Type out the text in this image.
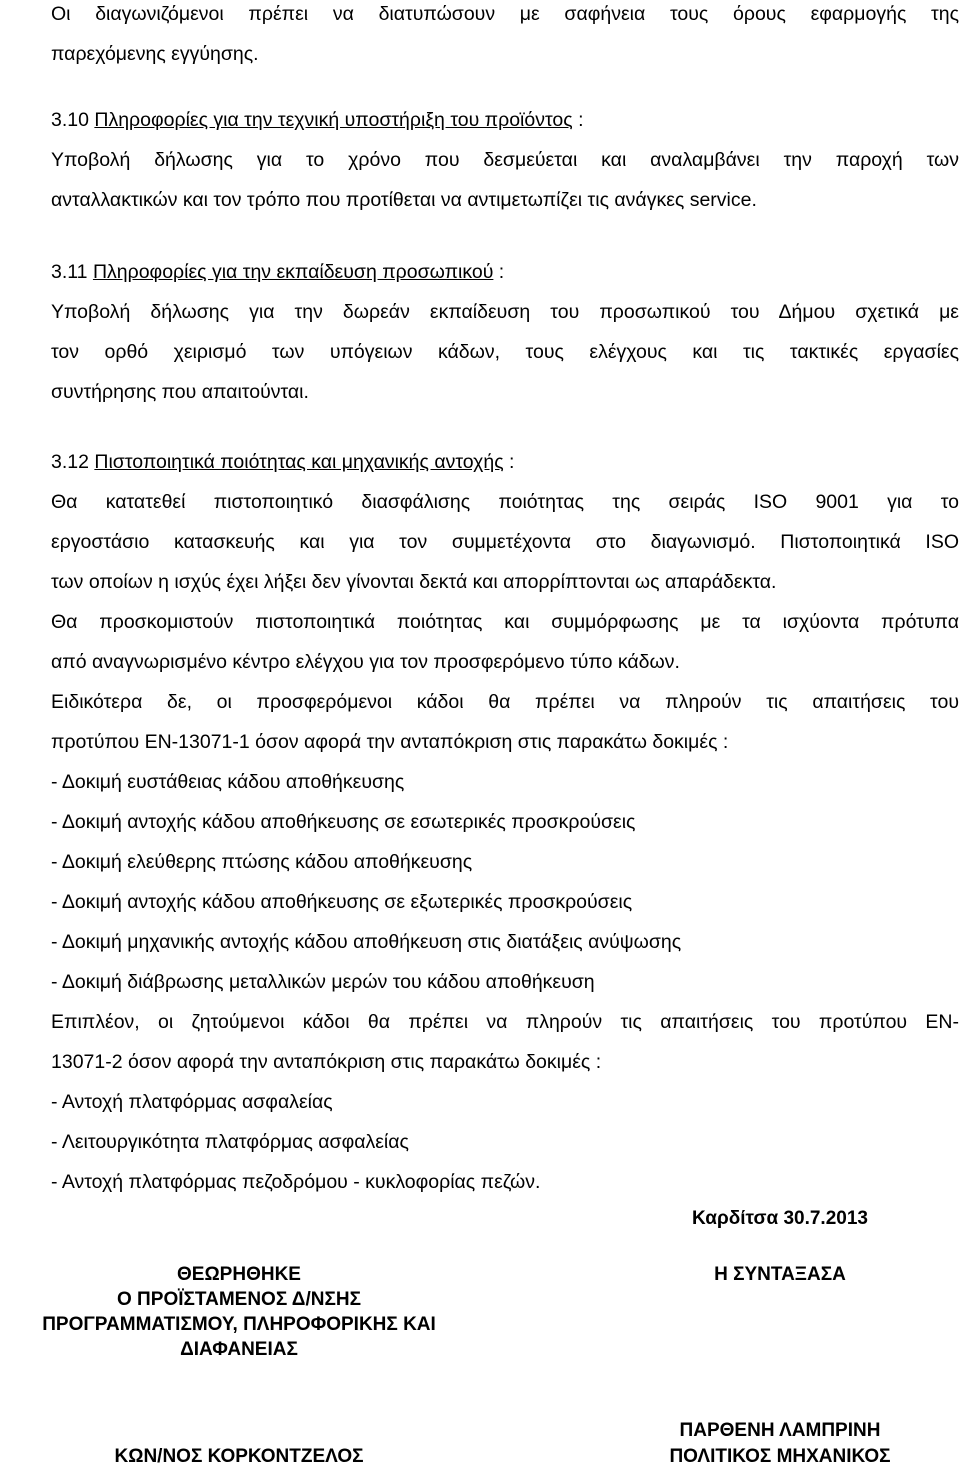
Οι διαγωνιζόμενοι πρέπει να διατυπώσουν με σαφήνεια τους όρους εφαρμογής της
παρεχόμενης εγγύησης.
3.10 Πληροφορίες για την τεχνική υποστήριξη του προϊόντος :
Υποβολή δήλωσης για το χρόνο που δεσμεύεται και αναλαμβάνει την παροχή των
ανταλλακτικών και τον τρόπο που προτίθεται να αντιμετωπίζει τις ανάγκες service.
3.11 Πληροφορίες για την εκπαίδευση προσωπικού :
Υποβολή δήλωσης για την δωρεάν εκπαίδευση του προσωπικού του Δήμου σχετικά με
τον ορθό χειρισμό των υπόγειων κάδων, τους ελέγχους και τις τακτικές εργασίες
συντήρησης που απαιτούνται.
3.12 Πιστοποιητικά ποιότητας και μηχανικής αντοχής :
Θα κατατεθεί πιστοποιητικό διασφάλισης ποιότητας της σειράς ISO 9001 για το
εργοστάσιο κατασκευής και για τον συμμετέχοντα στο διαγωνισμό. Πιστοποιητικά ISO
των οποίων η ισχύς έχει λήξει δεν γίνονται δεκτά και απορρίπτονται ως απαράδεκτα.
Θα προσκομιστούν πιστοποιητικά ποιότητας και συμμόρφωσης με τα ισχύοντα πρότυπα
από αναγνωρισμένο κέντρο ελέγχου για τον προσφερόμενο τύπο κάδων.
Ειδικότερα δε, οι προσφερόμενοι κάδοι θα πρέπει να πληρούν τις απαιτήσεις του
προτύπου ΕΝ-13071-1 όσον αφορά την ανταπόκριση στις παρακάτω δοκιμές :
- Δοκιμή ευστάθειας κάδου αποθήκευσης
- Δοκιμή αντοχής κάδου αποθήκευσης σε εσωτερικές προσκρούσεις
- Δοκιμή ελεύθερης πτώσης κάδου αποθήκευσης
- Δοκιμή αντοχής κάδου αποθήκευσης σε εξωτερικές προσκρούσεις
- Δοκιμή μηχανικής αντοχής κάδου αποθήκευση στις διατάξεις ανύψωσης
- Δοκιμή διάβρωσης μεταλλικών μερών του κάδου αποθήκευση
Επιπλέον, οι ζητούμενοι κάδοι θα πρέπει να πληρούν τις απαιτήσεις του προτύπου ΕΝ-
13071-2 όσον αφορά την ανταπόκριση στις παρακάτω δοκιμές :
- Αντοχή πλατφόρμας ασφαλείας
- Λειτουργικότητα πλατφόρμας ασφαλείας
- Αντοχή πλατφόρμας πεζοδρόμου - κυκλοφορίας πεζών.
Καρδίτσα 30.7.2013
ΘΕΩΡΗΘΗΚΕ
Ο ΠΡΟΪΣΤΑΜΕΝΟΣ Δ/ΝΣΗΣ
ΠΡΟΓΡΑΜΜΑΤΙΣΜΟΥ, ΠΛΗΡΟΦΟΡΙΚΗΣ ΚΑΙ
ΔΙΑΦΑΝΕΙΑΣ
ΚΩΝ/ΝΟΣ ΚΟΡΚΟΝΤΖΕΛΟΣ
Η ΣΥΝΤΑΞΑΣΑ
ΠΑΡΘΕΝΗ ΛΑΜΠΡΙΝΗ
ΠΟΛΙΤΙΚΟΣ ΜΗΧΑΝΙΚΟΣ
